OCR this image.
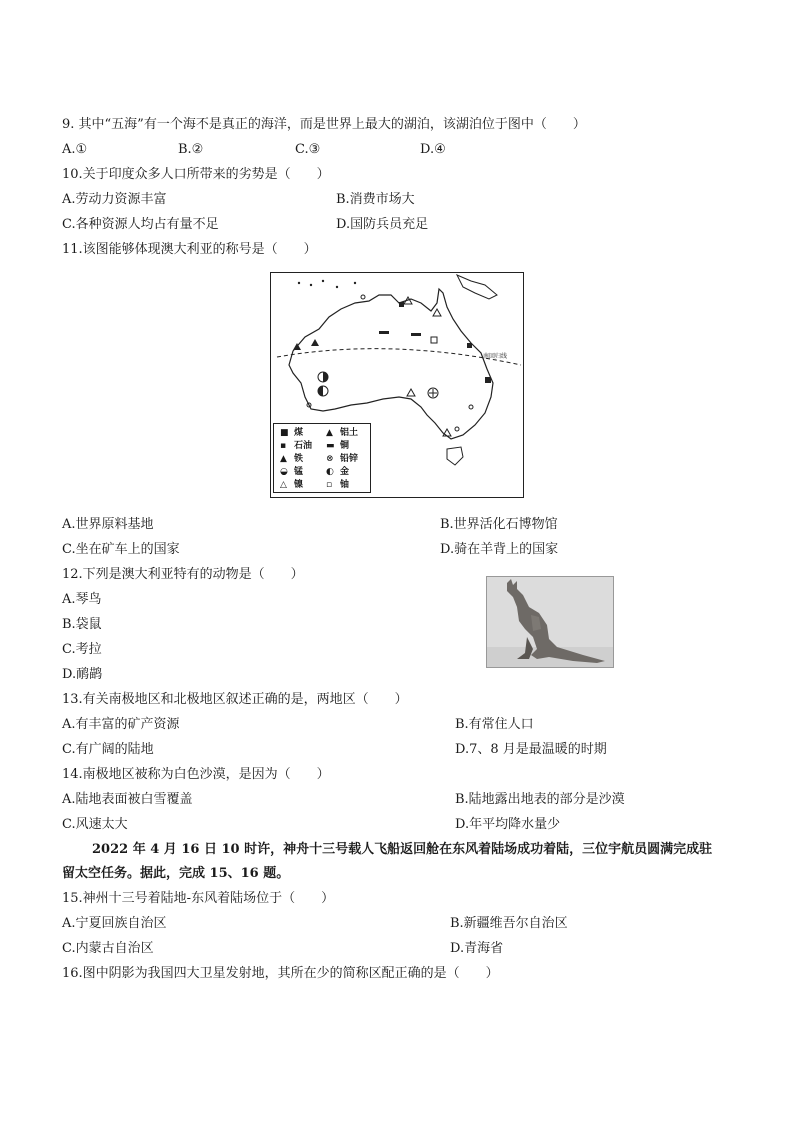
9. 其中“五海”有一个海不是真正的海洋，而是世界上最大的湖泊，该湖泊位于图中（　　）
A.①	B.②	C.③	D.④
10.关于印度众多人口所带来的劣势是（　　）
A.劳动力资源丰富	B.消费市场大
C.各种资源人均占有量不足	D.国防兵员充足
11.该图能够体现澳大利亚的称号是（　　）
南回归线
■ 煤	▲ 铝土
▪ 石油 ▬ 铜
▲ 铁	⊗ 铅锌
◒ 锰	◐ 金
△ 镍	▫ 铀
A.世界原料基地	B.世界活化石博物馆
C.坐在矿车上的国家	D.骑在羊背上的国家
12.下列是澳大利亚特有的动物是（　　）
A.琴鸟
B.袋鼠
C.考拉
D.鸸鹋
13.有关南极地区和北极地区叙述正确的是，两地区（　　）
A.有丰富的矿产资源	B.有常住人口
C.有广阔的陆地	D.7、8 月是最温暖的时期
14.南极地区被称为白色沙漠，是因为（　　）
A.陆地表面被白雪覆盖	B.陆地露出地表的部分是沙漠
C.风速太大	D.年平均降水量少
2022 年 4 月 16 日 10 时许，神舟十三号载人飞船返回舱在东风着陆场成功着陆，三位宇航员圆满完成驻
留太空任务。据此，完成 15、16 题。
15.神州十三号着陆地-东风着陆场位于（　　）
A.宁夏回族自治区	B.新疆维吾尔自治区
C.内蒙古自治区	D.青海省
16.图中阴影为我国四大卫星发射地，其所在少的简称区配正确的是（　　）
